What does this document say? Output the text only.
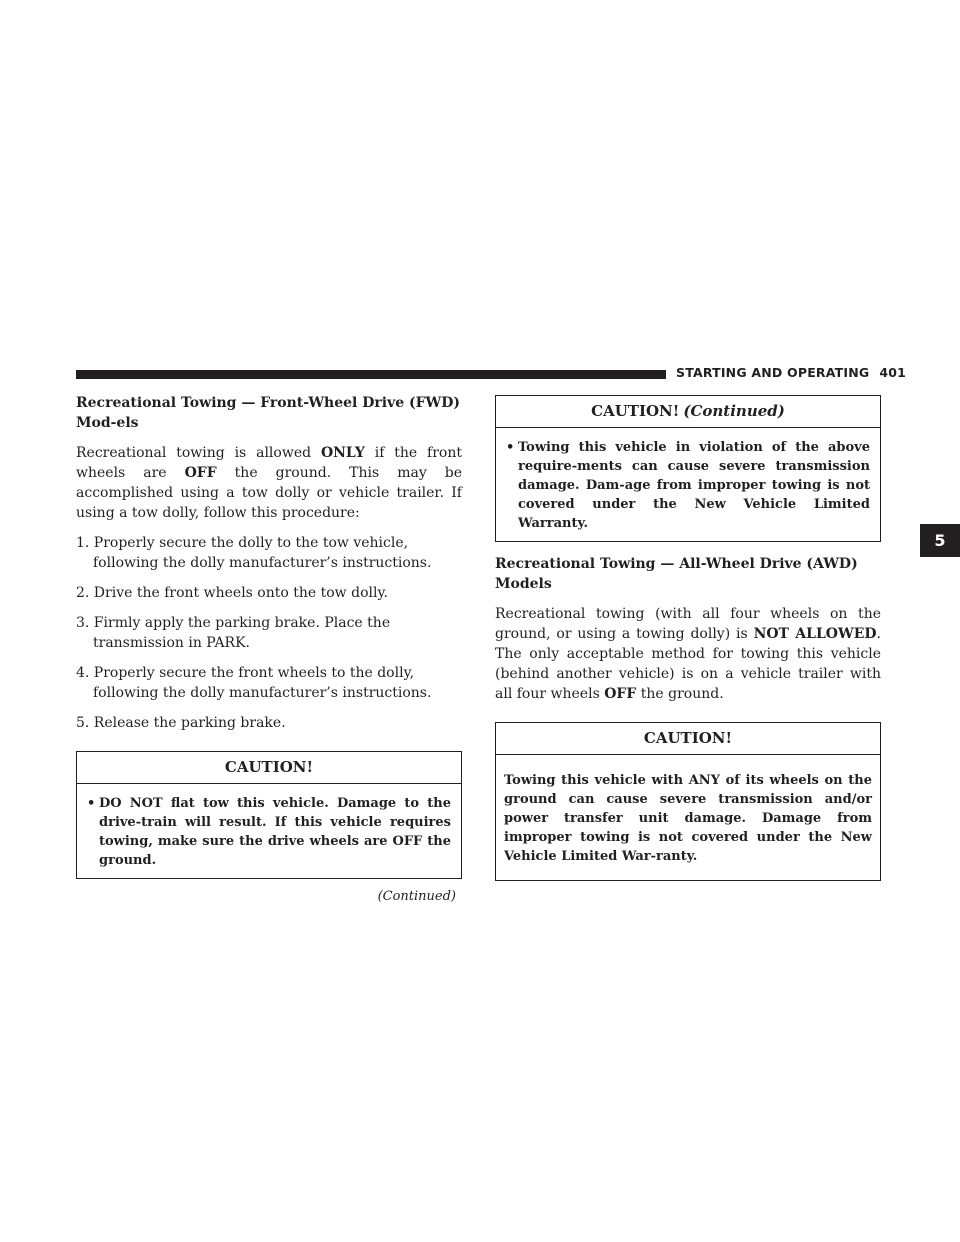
STARTING AND OPERATING 401
5

Recreational Towing — Front-Wheel Drive (FWD) Mod-els

Recreational towing is allowed ONLY if the front wheels are OFF the ground. This may be accomplished using a tow dolly or vehicle trailer. If using a tow dolly, follow this procedure:

1. Properly secure the dolly to the tow vehicle, following the dolly manufacturer’s instructions.

2. Drive the front wheels onto the tow dolly.

3. Firmly apply the parking brake. Place the transmission in PARK.

4. Properly secure the front wheels to the dolly, following the dolly manufacturer’s instructions.

5. Release the parking brake.

CAUTION!
• DO NOT flat tow this vehicle. Damage to the drive-train will result. If this vehicle requires towing, make sure the drive wheels are OFF the ground.
(Continued)
CAUTION! (Continued)
• Towing this vehicle in violation of the above require-ments can cause severe transmission damage. Dam-age from improper towing is not covered under the New Vehicle Limited Warranty.

Recreational Towing — All-Wheel Drive (AWD) Models

Recreational towing (with all four wheels on the ground, or using a towing dolly) is NOT ALLOWED. The only acceptable method for towing this vehicle (behind another vehicle) is on a vehicle trailer with all four wheels OFF the ground.

CAUTION!
Towing this vehicle with ANY of its wheels on the ground can cause severe transmission and/or power transfer unit damage. Damage from improper towing is not covered under the New Vehicle Limited War-ranty.
